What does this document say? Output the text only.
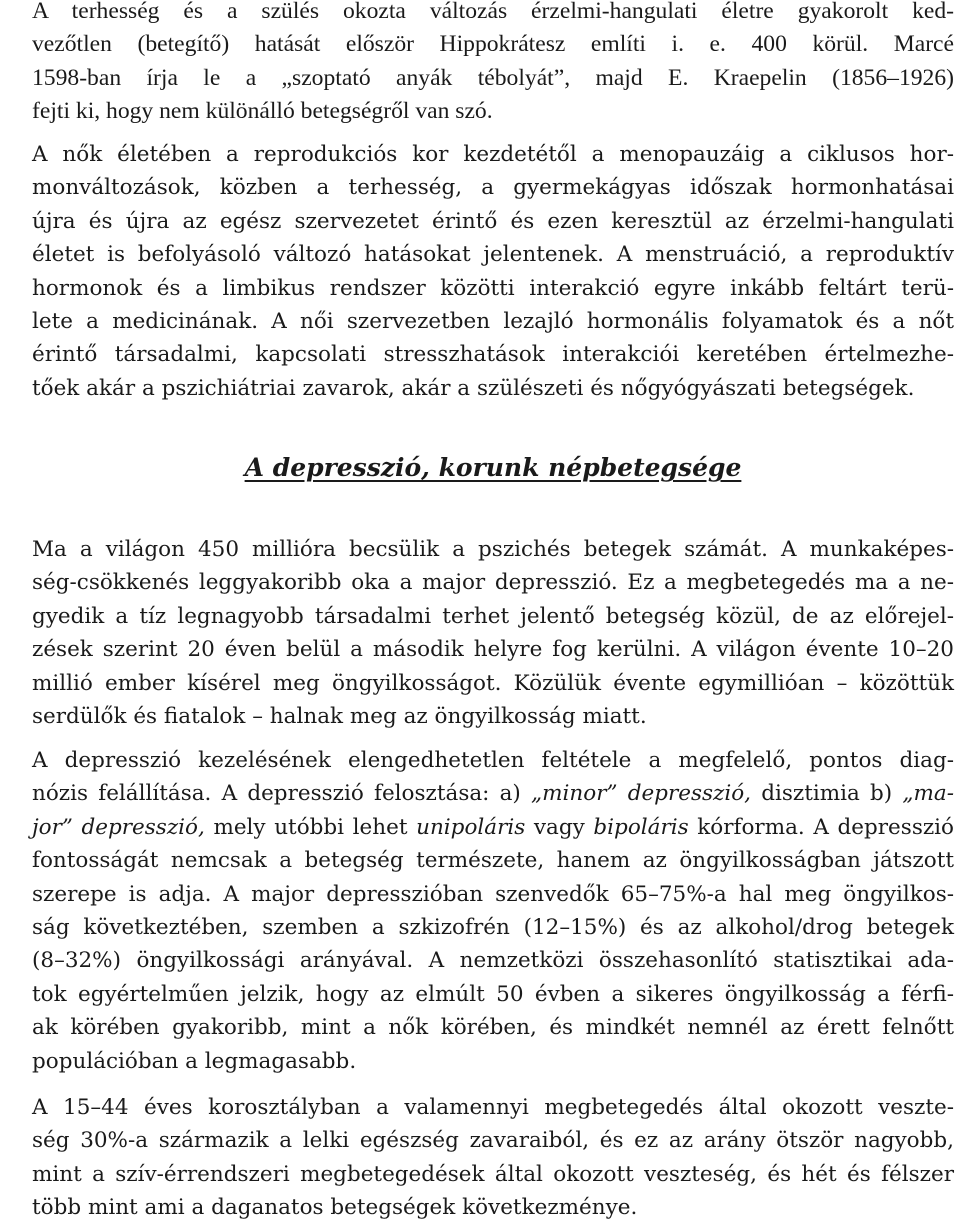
A terhesség és a szülés okozta változás érzelmi-hangulati életre gyakorolt ked-
vezőtlen (betegítő) hatását először Hippokrátesz említi i. e. 400 körül. Marcé
1598-ban írja le a „szoptató anyák tébolyát”, majd E. Kraepelin (1856–1926)
fejti ki, hogy nem különálló betegségről van szó.
A nők életében a reprodukciós kor kezdetétől a menopauzáig a ciklusos hor-
monváltozások, közben a terhesség, a gyermekágyas időszak hormonhatásai
újra és újra az egész szervezetet érintő és ezen keresztül az érzelmi-hangulati
életet is befolyásoló változó hatásokat jelentenek. A menstruáció, a reproduktív
hormonok és a limbikus rendszer közötti interakció egyre inkább feltárt terü-
lete a medicinának. A női szervezetben lezajló hormonális folyamatok és a nőt
érintő társadalmi, kapcsolati stresszhatások interakciói keretében értelmezhe-
tőek akár a pszichiátriai zavarok, akár a szülészeti és nőgyógyászati betegségek.
A depresszió, korunk népbetegsége
Ma a világon 450 millióra becsülik a pszichés betegek számát. A munkaképes-
ség-csökkenés leggyakoribb oka a major depresszió. Ez a megbetegedés ma a ne-
gyedik a tíz legnagyobb társadalmi terhet jelentő betegség közül, de az előrejel-
zések szerint 20 éven belül a második helyre fog kerülni. A világon évente 10–20
millió ember kísérel meg öngyilkosságot. Közülük évente egymillióan – közöttük
serdülők és fiatalok – halnak meg az öngyilkosság miatt.
A depresszió kezelésének elengedhetetlen feltétele a megfelelő, pontos diag-
nózis felállítása. A depresszió felosztása: a) „minor” depresszió, disztimia b) „ma-
jor” depresszió, mely utóbbi lehet unipoláris vagy bipoláris kórforma. A depresszió
fontosságát nemcsak a betegség természete, hanem az öngyilkosságban játszott
szerepe is adja. A major depresszióban szenvedők 65–75%-a hal meg öngyilkos-
ság következtében, szemben a szkizofrén (12–15%) és az alkohol/drog betegek
(8–32%) öngyilkossági arányával. A nemzetközi összehasonlító statisztikai ada-
tok egyértelműen jelzik, hogy az elmúlt 50 évben a sikeres öngyilkosság a férfi-
ak körében gyakoribb, mint a nők körében, és mindkét nemnél az érett felnőtt
populációban a legmagasabb.
A 15–44 éves korosztályban a valamennyi megbetegedés által okozott veszte-
ség 30%-a származik a lelki egészség zavaraiból, és ez az arány ötször nagyobb,
mint a szív-érrendszeri megbetegedések által okozott veszteség, és hét és félszer
több mint ami a daganatos betegségek következménye.
